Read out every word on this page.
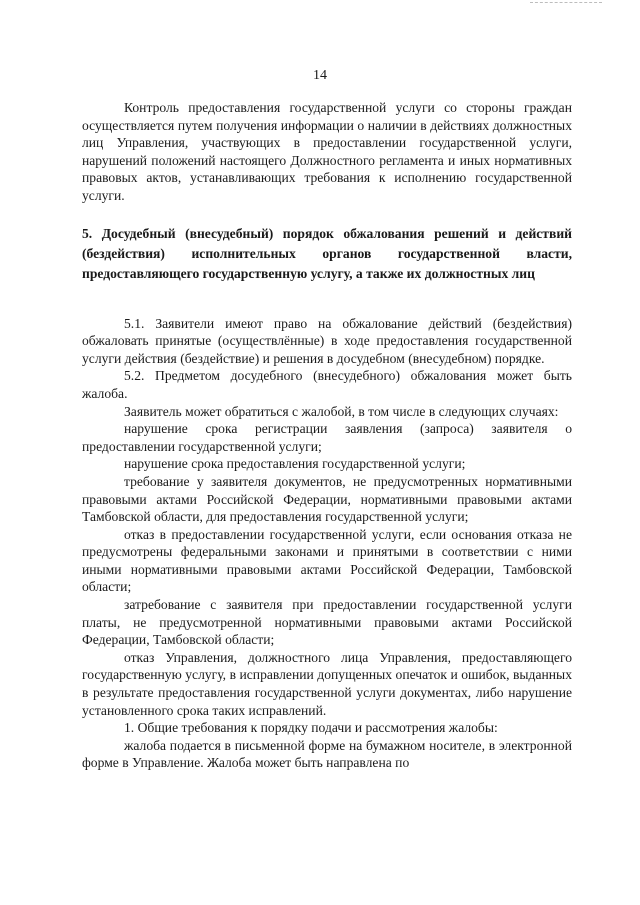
14

Контроль предоставления государственной услуги со стороны граждан осуществляется путем получения информации о наличии в действиях должностных лиц Управления, участвующих в предоставлении государственной услуги, нарушений положений настоящего Должностного регламента и иных нормативных правовых актов, устанавливающих требования к исполнению государственной услуги.

5. Досудебный (внесудебный) порядок обжалования решений и действий (бездействия) исполнительных органов государственной власти, предоставляющего государственную услугу, а также их должностных лиц

5.1. Заявители имеют право на обжалование действий (бездействия) обжаловать принятые (осуществлённые) в ходе предоставления государственной услуги действия (бездействие) и решения в досудебном (внесудебном) порядке.

5.2. Предметом досудебного (внесудебного) обжалования может быть жалоба.

Заявитель может обратиться с жалобой, в том числе в следующих случаях:

нарушение срока регистрации заявления (запроса) заявителя о предоставлении государственной услуги;

нарушение срока предоставления государственной услуги;

требование у заявителя документов, не предусмотренных нормативными правовыми актами Российской Федерации, нормативными правовыми актами Тамбовской области, для предоставления государственной услуги;

отказ в предоставлении государственной услуги, если основания отказа не предусмотрены федеральными законами и принятыми в соответствии с ними иными нормативными правовыми актами Российской Федерации, Тамбовской области;

затребование с заявителя при предоставлении государственной услуги платы, не предусмотренной нормативными правовыми актами Российской Федерации, Тамбовской области;

отказ Управления, должностного лица Управления, предоставляющего государственную услугу, в исправлении допущенных опечаток и ошибок, выданных в результате предоставления государственной услуги документах, либо нарушение установленного срока таких исправлений.

1. Общие требования к порядку подачи и рассмотрения жалобы:

жалоба подается в письменной форме на бумажном носителе, в электронной форме в Управление. Жалоба может быть направлена по
